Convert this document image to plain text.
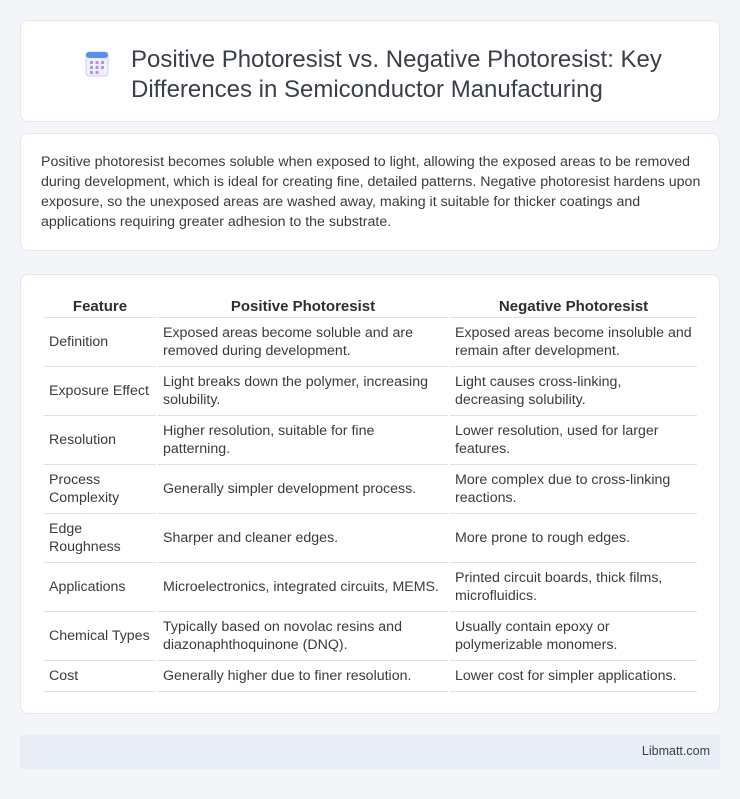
Positive Photoresist vs. Negative Photoresist: Key Differences in Semiconductor Manufacturing

Positive photoresist becomes soluble when exposed to light, allowing the exposed areas to be removed during development, which is ideal for creating fine, detailed patterns. Negative photoresist hardens upon exposure, so the unexposed areas are washed away, making it suitable for thicker coatings and applications requiring greater adhesion to the substrate.

Feature	Positive Photoresist	Negative Photoresist
Definition	Exposed areas become soluble and are removed during development.	Exposed areas become insoluble and remain after development.
Exposure Effect	Light breaks down the polymer, increasing solubility.	Light causes cross-linking, decreasing solubility.
Resolution	Higher resolution, suitable for fine patterning.	Lower resolution, used for larger features.
Process Complexity	Generally simpler development process.	More complex due to cross-linking reactions.
Edge Roughness	Sharper and cleaner edges.	More prone to rough edges.
Applications	Microelectronics, integrated circuits, MEMS.	Printed circuit boards, thick films, microfluidics.
Chemical Types	Typically based on novolac resins and diazonaphthoquinone (DNQ).	Usually contain epoxy or polymerizable monomers.
Cost	Generally higher due to finer resolution.	Lower cost for simpler applications.
Libmatt.com
